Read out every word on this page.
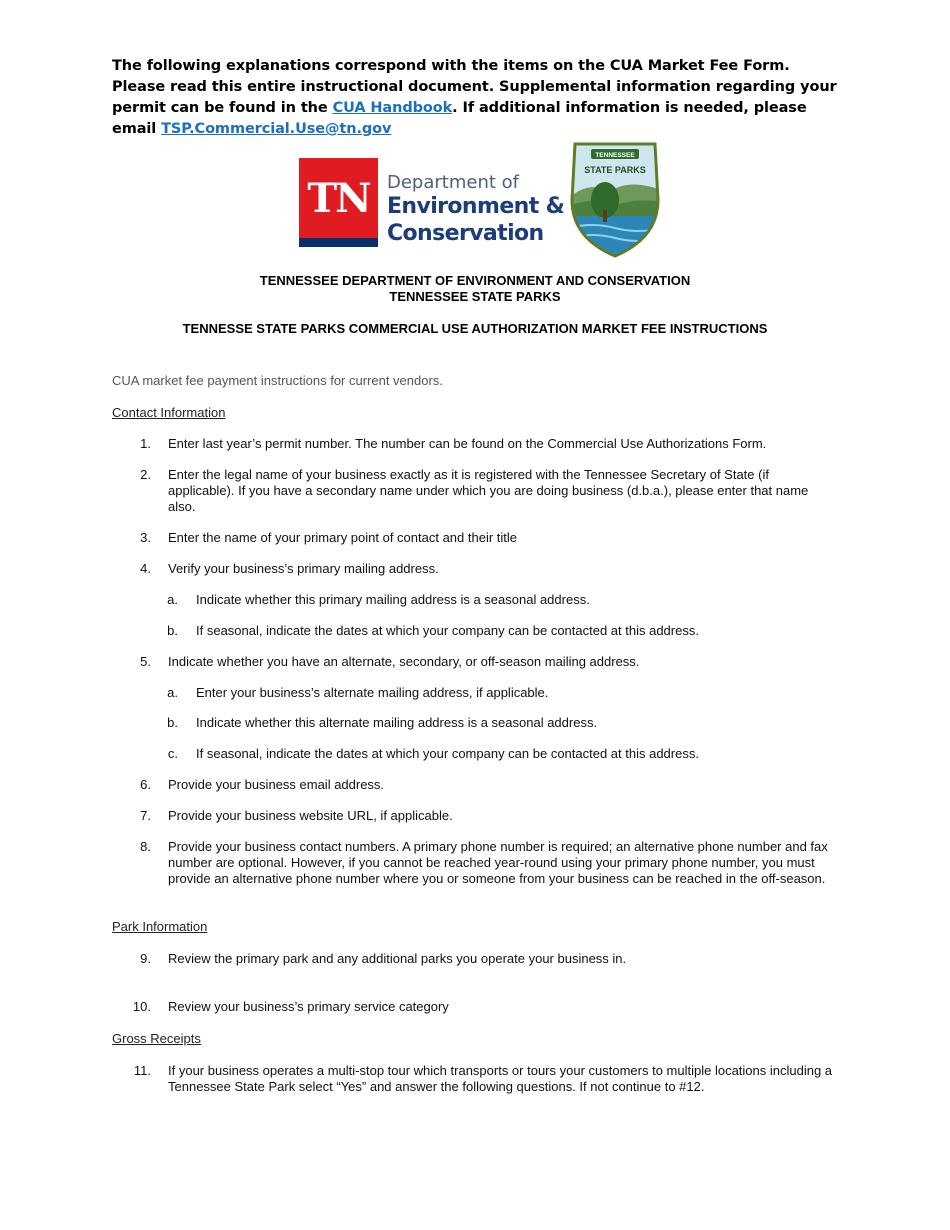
The following explanations correspond with the items on the CUA Market Fee Form. Please read this entire instructional document. Supplemental information regarding your permit can be found in the CUA Handbook. If additional information is needed, please email TSP.Commercial.Use@tn.gov
TN Department of
Environment &
Conservation
TENNESSEE
STATE PARKS
TENNESSEE DEPARTMENT OF ENVIRONMENT AND CONSERVATION
TENNESSEE STATE PARKS
TENNESSE STATE PARKS COMMERCIAL USE AUTHORIZATION MARKET FEE INSTRUCTIONS
CUA market fee payment instructions for current vendors.
Contact Information
1. Enter last year’s permit number. The number can be found on the Commercial Use Authorizations Form.
2. Enter the legal name of your business exactly as it is registered with the Tennessee Secretary of State (if applicable). If you have a secondary name under which you are doing business (d.b.a.), please enter that name also.
3. Enter the name of your primary point of contact and their title
4. Verify your business’s primary mailing address.
a. Indicate whether this primary mailing address is a seasonal address.
b. If seasonal, indicate the dates at which your company can be contacted at this address.
5. Indicate whether you have an alternate, secondary, or off-season mailing address.
a. Enter your business’s alternate mailing address, if applicable.
b. Indicate whether this alternate mailing address is a seasonal address.
c. If seasonal, indicate the dates at which your company can be contacted at this address.
6. Provide your business email address.
7. Provide your business website URL, if applicable.
8. Provide your business contact numbers. A primary phone number is required; an alternative phone number and fax number are optional. However, if you cannot be reached year-round using your primary phone number, you must provide an alternative phone number where you or someone from your business can be reached in the off-season.
Park Information
9. Review the primary park and any additional parks you operate your business in.
10. Review your business’s primary service category
Gross Receipts
11. If your business operates a multi-stop tour which transports or tours your customers to multiple locations including a Tennessee State Park select “Yes” and answer the following questions. If not continue to #12.
